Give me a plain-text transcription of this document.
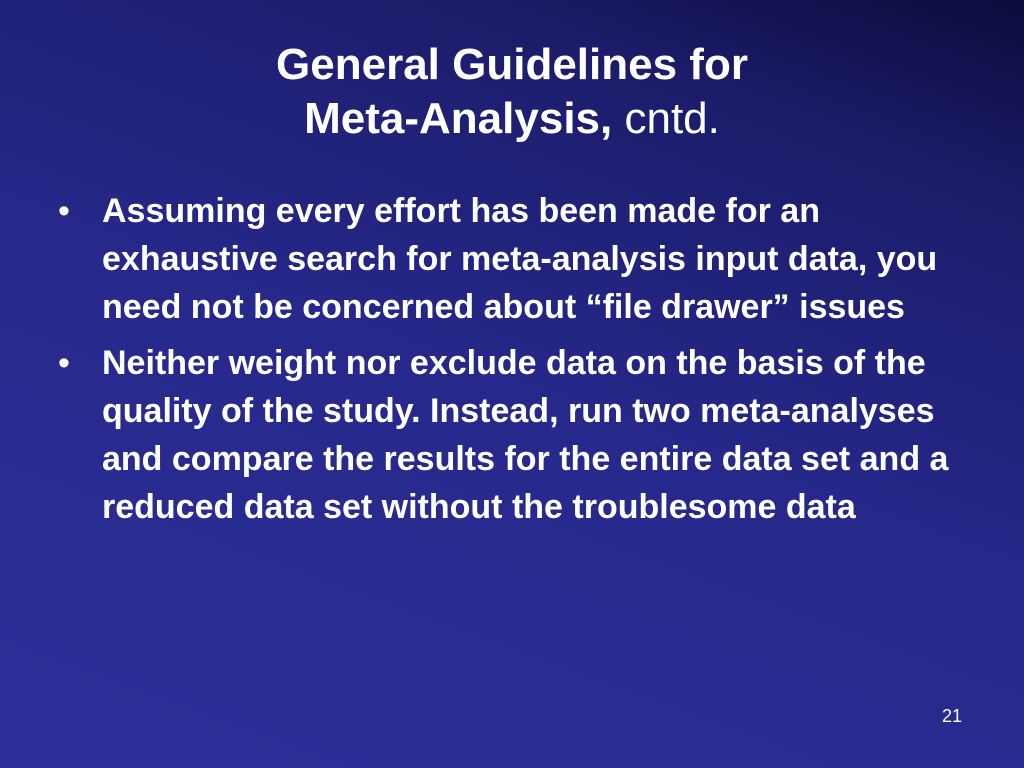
General Guidelines for
Meta-Analysis, cntd.
• Assuming every effort has been made for an exhaustive search for meta-analysis input data, you need not be concerned about “file drawer” issues
• Neither weight nor exclude data on the basis of the quality of the study. Instead, run two meta-analyses and compare the results for the entire data set and a reduced data set without the troublesome data
21
